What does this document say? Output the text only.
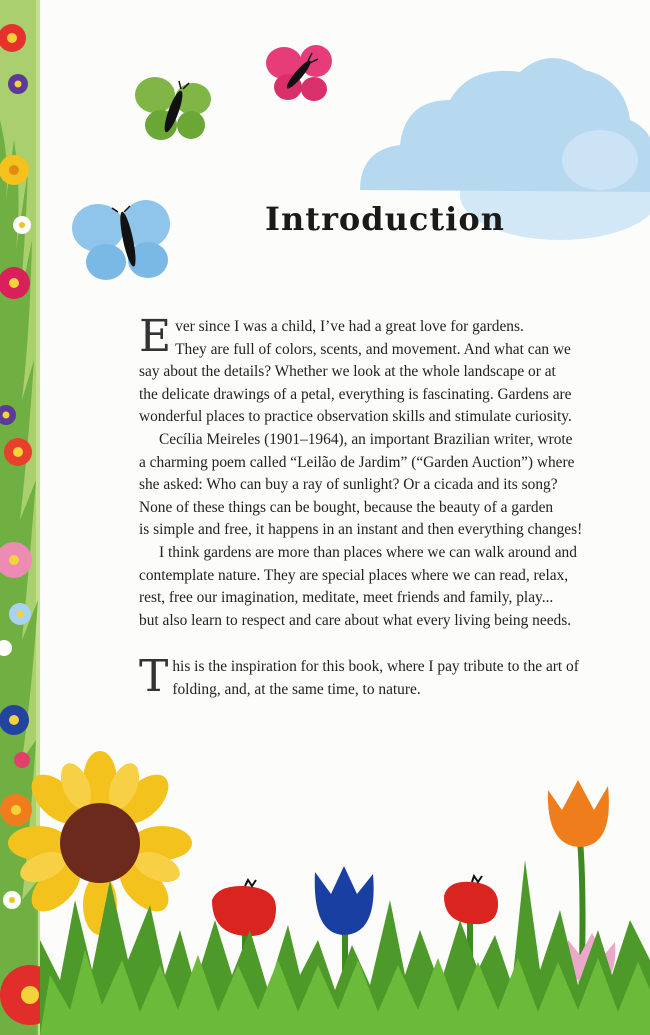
Introduction
E ver since I was a child, I’ve had a great love for gardens.

They are full of colors, scents, and movement. And what can we

say about the details? Whether we look at the whole landscape or at

the delicate drawings of a petal, everything is fascinating. Gardens are

wonderful places to practice observation skills and stimulate curiosity.

Cecília Meireles (1901–1964), an important Brazilian writer, wrote

a charming poem called “Leilão de Jardim” (“Garden Auction”) where

she asked: Who can buy a ray of sunlight? Or a cicada and its song?

None of these things can be bought, because the beauty of a garden

is simple and free, it happens in an instant and then everything changes!

I think gardens are more than places where we can walk around and

contemplate nature. They are special places where we can read, relax,

rest, free our imagination, meditate, meet friends and family, play...

but also learn to respect and care about what every living being needs.

T his is the inspiration for this book, where I pay tribute to the art of

folding, and, at the same time, to nature.
